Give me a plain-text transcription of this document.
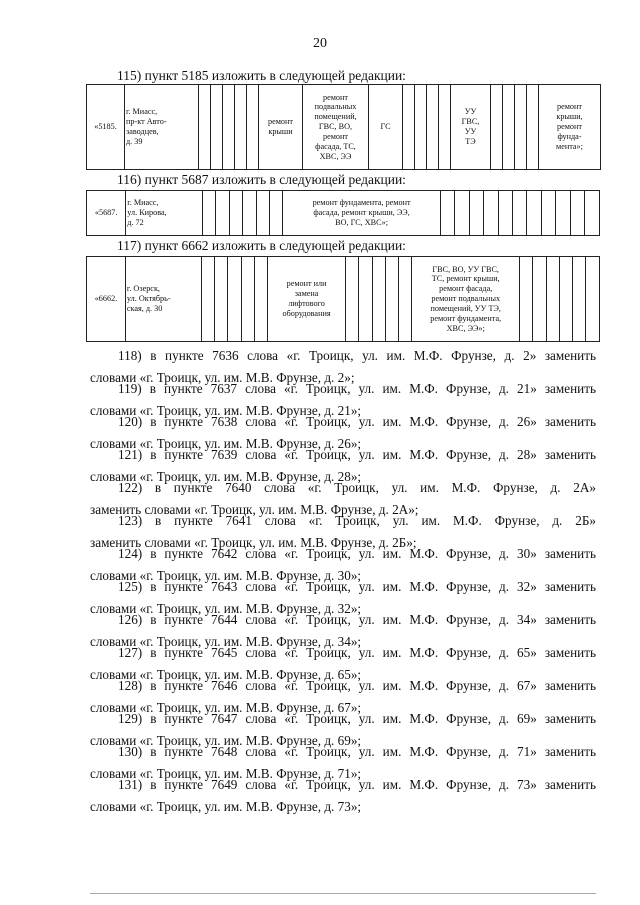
20
115) пункт 5185 изложить в следующей редакции:
«5185.	г. Миасс,
пр-кт Авто-
заводцев,
д. 39						ремонт
крыши	ремонт
подвальных
помещений,
ГВС, ВО,
ремонт
фасада, ТС,
ХВС, ЭЭ	ГС					УУ
ГВС,
УУ
ТЭ					ремонт
крыши,
ремонт
фунда-
мента»;
116) пункт 5687 изложить в следующей редакции:
«5687.	г. Миасс,
ул. Кирова,
д. 72							ремонт фундамента, ремонт
фасада, ремонт крыши, ЭЭ,
ВО, ГС, ХВС»;											
117) пункт 6662 изложить в следующей редакции:
«6662.	г. Озерск,
ул. Октябрь-
ская, д. 30						ремонт или
замена
лифтового
оборудования						ГВС, ВО, УУ ГВС,
ТС, ремонт крыши,
ремонт фасада,
ремонт подвальных
помещений, УУ ТЭ,
ремонт фундамента,
ХВС, ЭЭ»;						
118) в пункте 7636 слова «г. Троицк, ул. им. М.Ф. Фрунзе, д. 2» заменить
словами «г. Троицк, ул. им. М.В. Фрунзе, д. 2»;
119) в пункте 7637 слова «г. Троицк, ул. им. М.Ф. Фрунзе, д. 21» заменить
словами «г. Троицк, ул. им. М.В. Фрунзе, д. 21»;
120) в пункте 7638 слова «г. Троицк, ул. им. М.Ф. Фрунзе, д. 26» заменить
словами «г. Троицк, ул. им. М.В. Фрунзе, д. 26»;
121) в пункте 7639 слова «г. Троицк, ул. им. М.Ф. Фрунзе, д. 28» заменить
словами «г. Троицк, ул. им. М.В. Фрунзе, д. 28»;
122) в пункте 7640 слова «г. Троицк, ул. им. М.Ф. Фрунзе, д. 2А»
заменить словами «г. Троицк, ул. им. М.В. Фрунзе, д. 2А»;
123) в пункте 7641 слова «г. Троицк, ул. им. М.Ф. Фрунзе, д. 2Б»
заменить словами «г. Троицк, ул. им. М.В. Фрунзе, д. 2Б»;
124) в пункте 7642 слова «г. Троицк, ул. им. М.Ф. Фрунзе, д. 30» заменить
словами «г. Троицк, ул. им. М.В. Фрунзе, д. 30»;
125) в пункте 7643 слова «г. Троицк, ул. им. М.Ф. Фрунзе, д. 32» заменить
словами «г. Троицк, ул. им. М.В. Фрунзе, д. 32»;
126) в пункте 7644 слова «г. Троицк, ул. им. М.Ф. Фрунзе, д. 34» заменить
словами «г. Троицк, ул. им. М.В. Фрунзе, д. 34»;
127) в пункте 7645 слова «г. Троицк, ул. им. М.Ф. Фрунзе, д. 65» заменить
словами «г. Троицк, ул. им. М.В. Фрунзе, д. 65»;
128) в пункте 7646 слова «г. Троицк, ул. им. М.Ф. Фрунзе, д. 67» заменить
словами «г. Троицк, ул. им. М.В. Фрунзе, д. 67»;
129) в пункте 7647 слова «г. Троицк, ул. им. М.Ф. Фрунзе, д. 69» заменить
словами «г. Троицк, ул. им. М.В. Фрунзе, д. 69»;
130) в пункте 7648 слова «г. Троицк, ул. им. М.Ф. Фрунзе, д. 71» заменить
словами «г. Троицк, ул. им. М.В. Фрунзе, д. 71»;
131) в пункте 7649 слова «г. Троицк, ул. им. М.Ф. Фрунзе, д. 73» заменить
словами «г. Троицк, ул. им. М.В. Фрунзе, д. 73»;
